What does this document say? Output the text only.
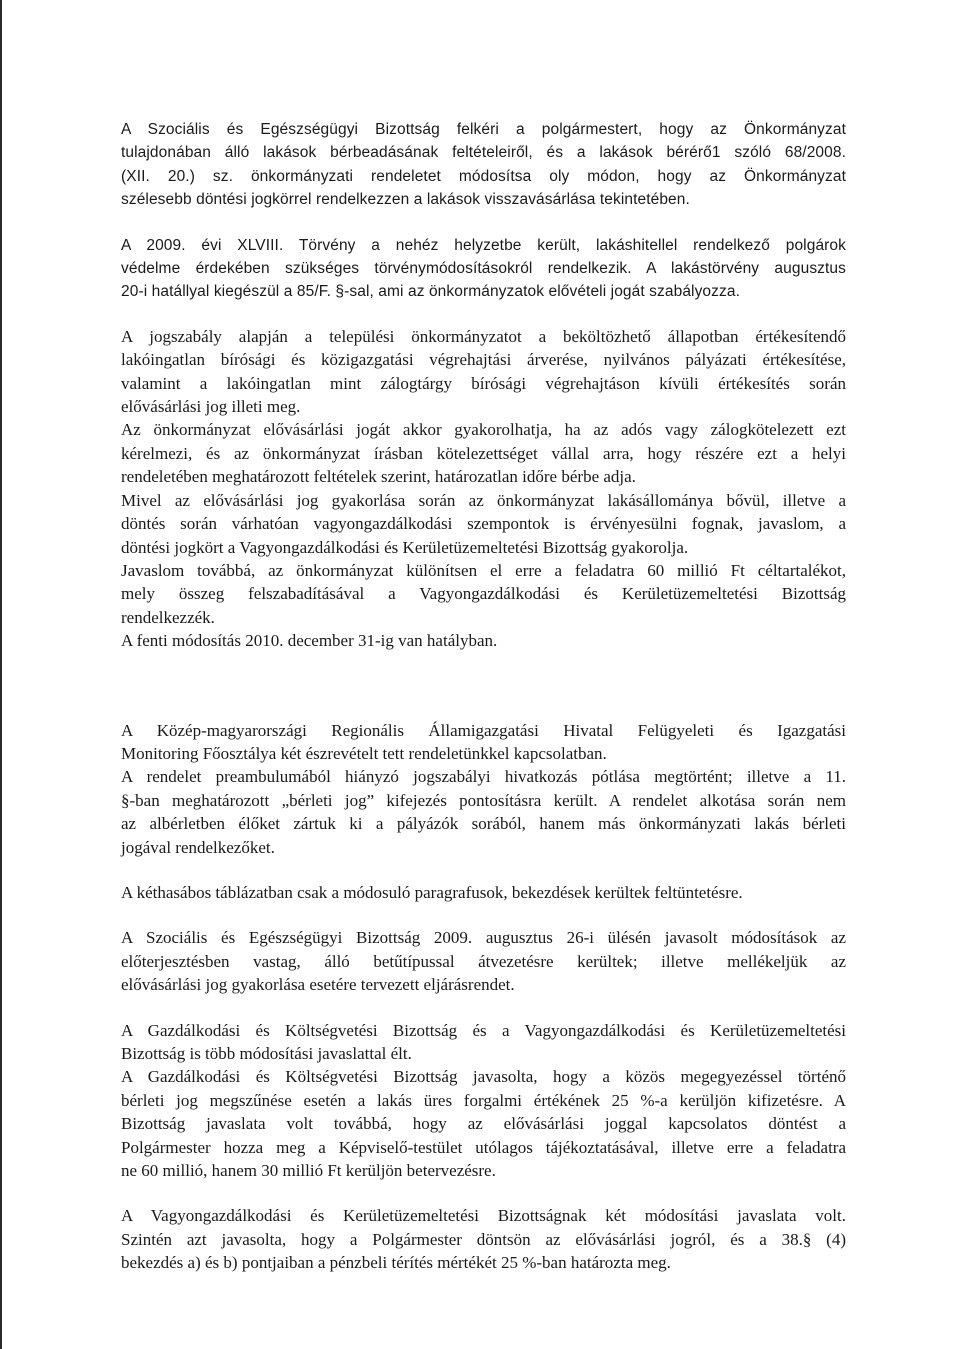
A Szociális és Egészségügyi Bizottság felkéri a polgármestert, hogy az Önkormányzat
tulajdonában álló lakások bérbeadásának feltételeiről, és a lakások bérérő1 szóló 68/2008.
(XII. 20.) sz. önkormányzati rendeletet módosítsa oly módon, hogy az Önkormányzat
szélesebb döntési jogkörrel rendelkezzen a lakások visszavásárlása tekintetében.

A 2009. évi XLVIII. Törvény a nehéz helyzetbe került, lakáshitellel rendelkező polgárok
védelme érdekében szükséges törvénymódosításokról rendelkezik. A lakástörvény augusztus
20-i hatállyal kiegészül a 85/F. §-sal, ami az önkormányzatok elővételi jogát szabályozza.

A jogszabály alapján a települési önkormányzatot a beköltözhető állapotban értékesítendő
lakóingatlan bírósági és közigazgatási végrehajtási árverése, nyilvános pályázati értékesítése,
valamint a lakóingatlan mint zálogtárgy bírósági végrehajtáson kívüli értékesítés során
elővásárlási jog illeti meg.

Az önkormányzat elővásárlási jogát akkor gyakorolhatja, ha az adós vagy zálogkötelezett ezt
kérelmezi, és az önkormányzat írásban kötelezettséget vállal arra, hogy részére ezt a helyi
rendeletében meghatározott feltételek szerint, határozatlan időre bérbe adja.

Mivel az elővásárlási jog gyakorlása során az önkormányzat lakásállománya bővül, illetve a
döntés során várhatóan vagyongazdálkodási szempontok is érvényesülni fognak, javaslom, a
döntési jogkört a Vagyongazdálkodási és Kerületüzemeltetési Bizottság gyakorolja.

Javaslom továbbá, az önkormányzat különítsen el erre a feladatra 60 millió Ft céltartalékot,
mely összeg felszabadításával a Vagyongazdálkodási és Kerületüzemeltetési Bizottság
rendelkezzék.

A fenti módosítás 2010. december 31-ig van hatályban.

A Közép-magyarországi Regionális Államigazgatási Hivatal Felügyeleti és Igazgatási
Monitoring Főosztálya két észrevételt tett rendeletünkkel kapcsolatban.

A rendelet preambulumából hiányzó jogszabályi hivatkozás pótlása megtörtént; illetve a 11.
§-ban meghatározott „bérleti jog” kifejezés pontosításra került. A rendelet alkotása során nem
az albérletben élőket zártuk ki a pályázók sorából, hanem más önkormányzati lakás bérleti
jogával rendelkezőket.

A kéthasábos táblázatban csak a módosuló paragrafusok, bekezdések kerültek feltüntetésre.

A Szociális és Egészségügyi Bizottság 2009. augusztus 26-i ülésén javasolt módosítások az
előterjesztésben vastag, álló betűtípussal átvezetésre kerültek; illetve mellékeljük az
elővásárlási jog gyakorlása esetére tervezett eljárásrendet.

A Gazdálkodási és Költségvetési Bizottság és a Vagyongazdálkodási és Kerületüzemeltetési
Bizottság is több módosítási javaslattal élt.

A Gazdálkodási és Költségvetési Bizottság javasolta, hogy a közös megegyezéssel történő
bérleti jog megszűnése esetén a lakás üres forgalmi értékének 25 %-a kerüljön kifizetésre. A
Bizottság javaslata volt továbbá, hogy az elővásárlási joggal kapcsolatos döntést a
Polgármester hozza meg a Képviselő-testület utólagos tájékoztatásával, illetve erre a feladatra
ne 60 millió, hanem 30 millió Ft kerüljön betervezésre.

A Vagyongazdálkodási és Kerületüzemeltetési Bizottságnak két módosítási javaslata volt.
Szintén azt javasolta, hogy a Polgármester döntsön az elővásárlási jogról, és a 38.§ (4)
bekezdés a) és b) pontjaiban a pénzbeli térítés mértékét 25 %-ban határozta meg.
